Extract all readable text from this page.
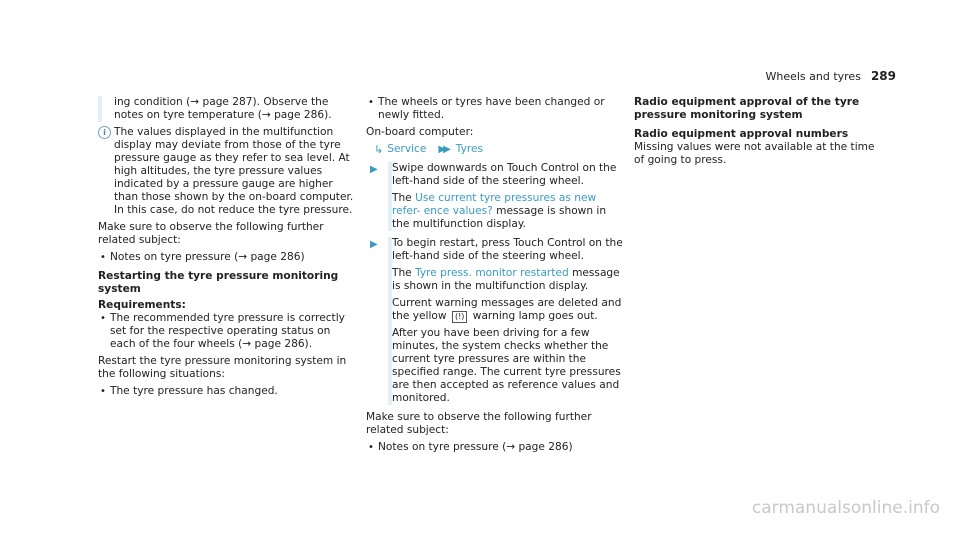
Wheels and tyres 289

ing condition (→ page 287). Observe the notes on tyre temperature (→ page 286).

i The values displayed in the multifunction display may deviate from those of the tyre pressure gauge as they refer to sea level. At high altitudes, the tyre pressure values indicated by a pressure gauge are higher than those shown by the on-board computer. In this case, do not reduce the tyre pressure.

Make sure to observe the following further related subject:

• Notes on tyre pressure (→ page 286)

Restarting the tyre pressure monitoring system

Requirements:

• The recommended tyre pressure is correctly set for the respective operating status on each of the four wheels (→ page 286).

Restart the tyre pressure monitoring system in the following situations:

• The tyre pressure has changed.
• The wheels or tyres have been changed or newly fitted.

On-board computer:

↳ Service ▶▶ Tyres
▶ Swipe downwards on Touch Control on the left-hand side of the steering wheel.

The Use current tyre pressures as new refer- ence values? message is shown in the multifunction display.

▶ To begin restart, press Touch Control on the left-hand side of the steering wheel.

The Tyre press. monitor restarted message is shown in the multifunction display.

Current warning messages are deleted and the yellow (!) warning lamp goes out.

After you have been driving for a few minutes, the system checks whether the current tyre pressures are within the specified range. The current tyre pressures are then accepted as reference values and monitored.

Make sure to observe the following further related subject:

• Notes on tyre pressure (→ page 286)

Radio equipment approval of the tyre pressure monitoring system

Radio equipment approval numbers

Missing values were not available at the time of going to press.

carmanualsonline.info
